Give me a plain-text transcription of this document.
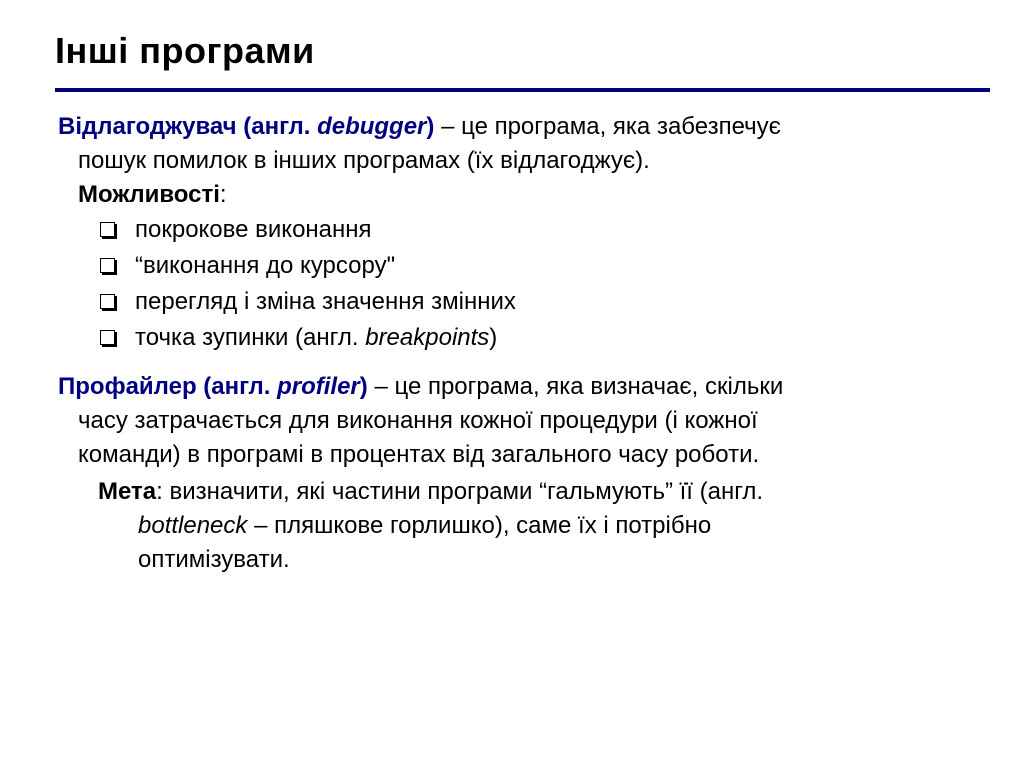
Інші програми
Відлагоджувач (англ. debugger) – це програма, яка забезпечує
пошук помилок в інших програмах (їх відлагоджує).
Можливості:
покрокове виконання
“виконання до курсору"
перегляд і зміна значення змінних
точка зупинки (англ. breakpoints)
Профайлер (англ. profiler) – це програма, яка визначає, скільки
часу затрачається для виконання кожної процедури (і кожної
команди) в програмі в процентах від загального часу роботи.
Мета: визначити, які частини програми “гальмують” її (англ.
bottleneck – пляшкове горлишко), саме їх і потрібно
оптимізувати.
